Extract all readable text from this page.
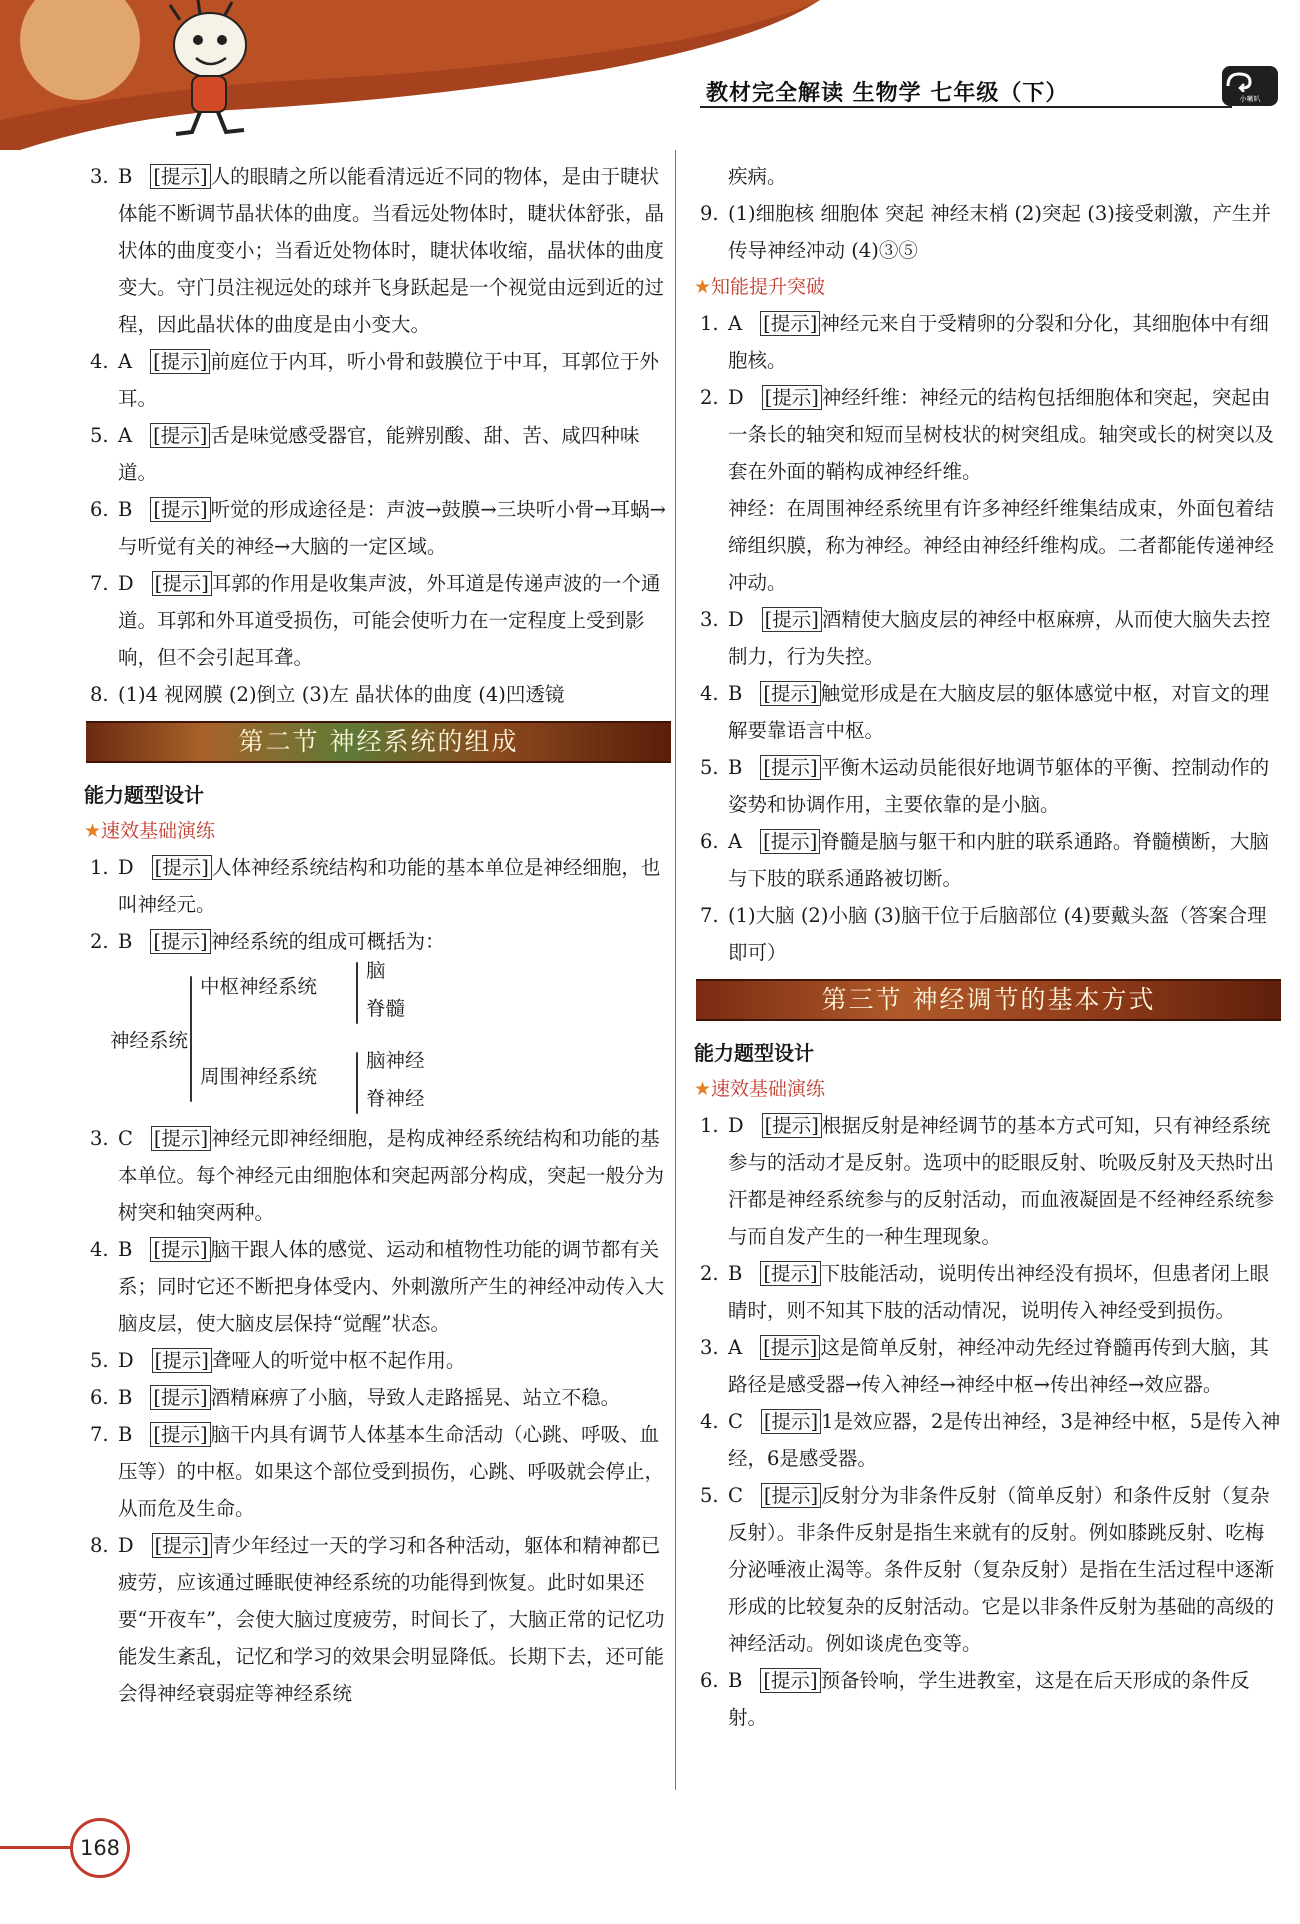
教材完全解读 生物学 七年级（下）	小喇叭

3. B [提示] 人的眼睛之所以能看清远近不同的物体，是由于睫状体能不断调节晶状体的曲度。当看远处物体时，睫状体舒张，晶状体的曲度变小；当看近处物体时，睫状体收缩，晶状体的曲度变大。守门员注视远处的球并飞身跃起是一个视觉由远到近的过程，因此晶状体的曲度是由小变大。

4. A [提示] 前庭位于内耳，听小骨和鼓膜位于中耳，耳郭位于外耳。

5. A [提示] 舌是味觉感受器官，能辨别酸、甜、苦、咸四种味道。

6. B [提示] 听觉的形成途径是：声波→鼓膜→三块听小骨→耳蜗→与听觉有关的神经→大脑的一定区域。

7. D [提示] 耳郭的作用是收集声波，外耳道是传递声波的一个通道。耳郭和外耳道受损伤，可能会使听力在一定程度上受到影响，但不会引起耳聋。

8. (1)4 视网膜 (2)倒立 (3)左 晶状体的曲度 (4)凹透镜

第二节 神经系统的组成
能力题型设计
★速效基础演练

1. D [提示] 人体神经系统结构和功能的基本单位是神经细胞，也叫神经元。

2. B [提示] 神经系统的组成可概括为：

神经系统
中枢神经系统
周围神经系统
脑
脊髓
脑神经
脊神经

3. C [提示] 神经元即神经细胞，是构成神经系统结构和功能的基本单位。每个神经元由细胞体和突起两部分构成，突起一般分为树突和轴突两种。

4. B [提示] 脑干跟人体的感觉、运动和植物性功能的调节都有关系；同时它还不断把身体受内、外刺激所产生的神经冲动传入大脑皮层，使大脑皮层保持“觉醒”状态。

5. D [提示] 聋哑人的听觉中枢不起作用。

6. B [提示] 酒精麻痹了小脑，导致人走路摇晃、站立不稳。

7. B [提示] 脑干内具有调节人体基本生命活动（心跳、呼吸、血压等）的中枢。如果这个部位受到损伤，心跳、呼吸就会停止，从而危及生命。

8. D [提示] 青少年经过一天的学习和各种活动，躯体和精神都已疲劳，应该通过睡眠使神经系统的功能得到恢复。此时如果还要“开夜车”，会使大脑过度疲劳，时间长了，大脑正常的记忆功能发生紊乱，记忆和学习的效果会明显降低。长期下去，还可能会得神经衰弱症等神经系统

疾病。

9. (1)细胞核 细胞体 突起 神经末梢 (2)突起 (3)接受刺激，产生并传导神经冲动 (4)③⑤

★知能提升突破

1. A [提示] 神经元来自于受精卵的分裂和分化，其细胞体中有细胞核。

2. D [提示] 神经纤维：神经元的结构包括细胞体和突起，突起由一条长的轴突和短而呈树枝状的树突组成。轴突或长的树突以及套在外面的鞘构成神经纤维。

神经：在周围神经系统里有许多神经纤维集结成束，外面包着结缔组织膜，称为神经。神经由神经纤维构成。二者都能传递神经冲动。

3. D [提示] 酒精使大脑皮层的神经中枢麻痹，从而使大脑失去控制力，行为失控。

4. B [提示] 触觉形成是在大脑皮层的躯体感觉中枢，对盲文的理解要靠语言中枢。

5. B [提示] 平衡木运动员能很好地调节躯体的平衡、控制动作的姿势和协调作用，主要依靠的是小脑。

6. A [提示] 脊髓是脑与躯干和内脏的联系通路。脊髓横断，大脑与下肢的联系通路被切断。

7. (1)大脑 (2)小脑 (3)脑干位于后脑部位 (4)要戴头盔（答案合理即可）

第三节 神经调节的基本方式
能力题型设计
★速效基础演练

1. D [提示] 根据反射是神经调节的基本方式可知，只有神经系统参与的活动才是反射。选项中的眨眼反射、吮吸反射及天热时出汗都是神经系统参与的反射活动，而血液凝固是不经神经系统参与而自发产生的一种生理现象。

2. B [提示] 下肢能活动，说明传出神经没有损坏，但患者闭上眼睛时，则不知其下肢的活动情况，说明传入神经受到损伤。

3. A [提示] 这是简单反射，神经冲动先经过脊髓再传到大脑，其路径是感受器→传入神经→神经中枢→传出神经→效应器。

4. C [提示] 1是效应器，2是传出神经，3是神经中枢，5是传入神经，6是感受器。

5. C [提示] 反射分为非条件反射（简单反射）和条件反射（复杂反射）。非条件反射是指生来就有的反射。例如膝跳反射、吃梅分泌唾液止渴等。条件反射（复杂反射）是指在生活过程中逐渐形成的比较复杂的反射活动。它是以非条件反射为基础的高级的神经活动。例如谈虎色变等。

6. B [提示] 预备铃响，学生进教室，这是在后天形成的条件反射。

168
